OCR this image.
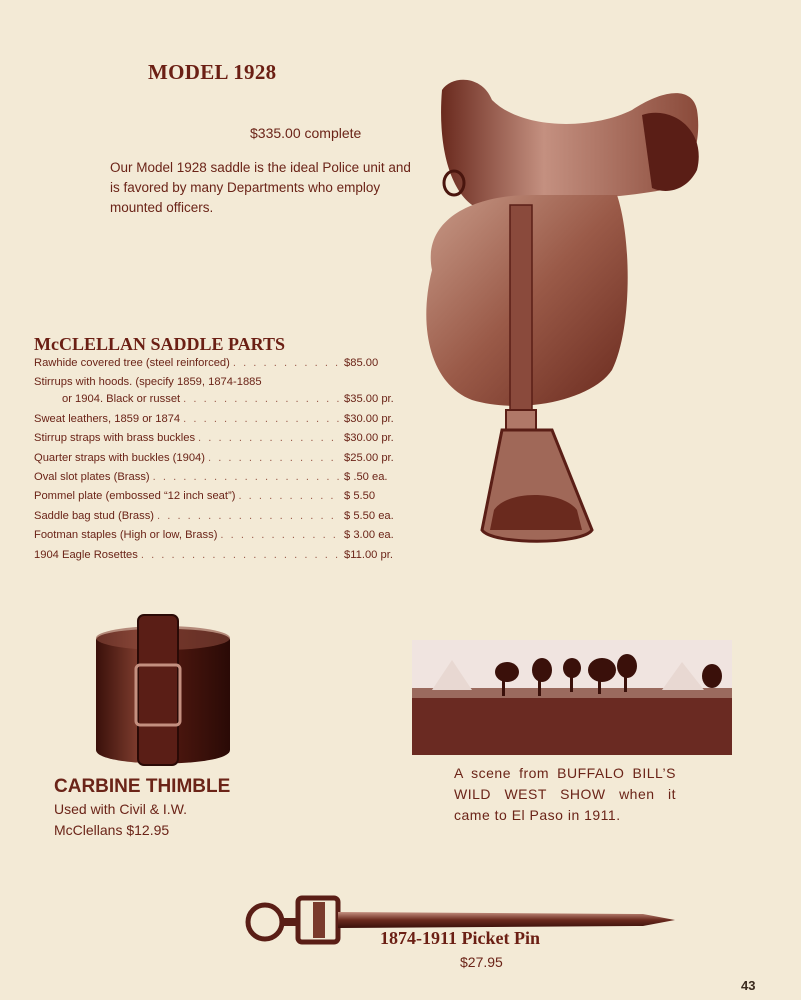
MODEL 1928
$335.00 complete
Our Model 1928 saddle is the ideal Police unit and is favored by many Departments who employ mounted officers.
McCLELLAN SADDLE PARTS
Rawhide covered tree (steel reinforced) . . .	$85.00
Stirrups with hoods. (specify 1859, 1874-1885
or 1904. Black or russet . . .	$35.00 pr.
Sweat leathers, 1859 or 1874 . . .	$30.00 pr.
Stirrup straps with brass buckles . . .	$30.00 pr.
Quarter straps with buckles (1904) . . .	$25.00 pr.
Oval slot plates (Brass) . . .	$ .50 ea.
Pommel plate (embossed “12 inch seat”) . . .	$ 5.50
Saddle bag stud (Brass) . . .	$ 5.50 ea.
Footman staples (High or low, Brass) . . .	$ 3.00 ea.
1904 Eagle Rosettes . . .	$11.00 pr.
CARBINE THIMBLE
Used with Civil & I.W.
McClellans $12.95
A scene from BUFFALO BILL’S WILD WEST SHOW when it came to El Paso in 1911.
1874-1911 Picket Pin
$27.95
43
